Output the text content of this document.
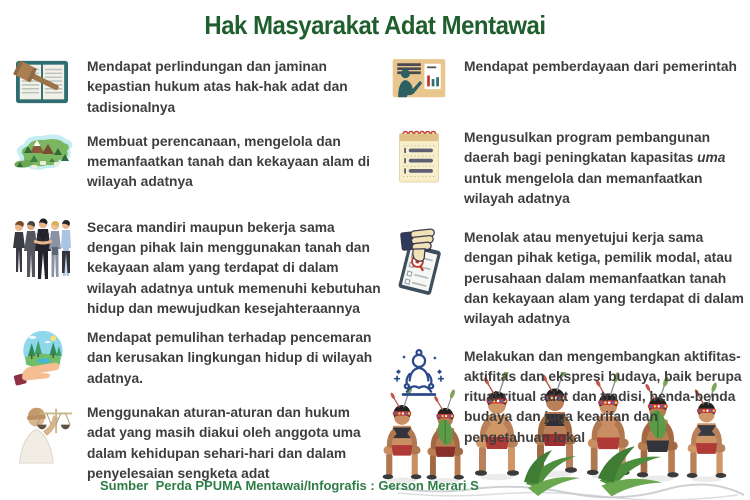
Hak Masyarakat Adat Mentawai

Mendapat perlindungan dan jaminan kepastian hukum atas hak-hak adat dan tadisionalnya

Membuat perencanaan, mengelola dan memanfaatkan tanah dan kekayaan alam di wilayah adatnya

Secara mandiri maupun bekerja sama dengan pihak lain menggunakan tanah dan kekayaan alam yang terdapat di dalam wilayah adatnya untuk memenuhi kebutuhan hidup dan mewujudkan kesejahteraannya

Mendapat pemulihan terhadap pencemaran dan kerusakan lingkungan hidup di wilayah adatnya.

Menggunakan aturan-aturan dan hukum adat yang masih diakui oleh anggota uma dalam kehidupan sehari-hari dan dalam penyelesaian sengketa adat

Mendapat pemberdayaan dari pemerintah

Mengusulkan program pembangunan daerah bagi peningkatan kapasitas uma untuk mengelola dan memanfaatkan wilayah adatnya

Menolak atau menyetujui kerja sama dengan pihak ketiga, pemilik modal, atau perusahaan dalam memanfaatkan tanah dan kekayaan alam yang terdapat di dalam wilayah adatnya

Melakukan dan mengembangkan aktifitas-aktifitas dan ekspresi budaya, baik berupa ritual-ritual adat dan tradisi, benda-benda budaya dan juga kearifan dan pengetahuan lokal

Sumber  Perda PPUMA Mentawai/Infografis : Gerson Merari S
